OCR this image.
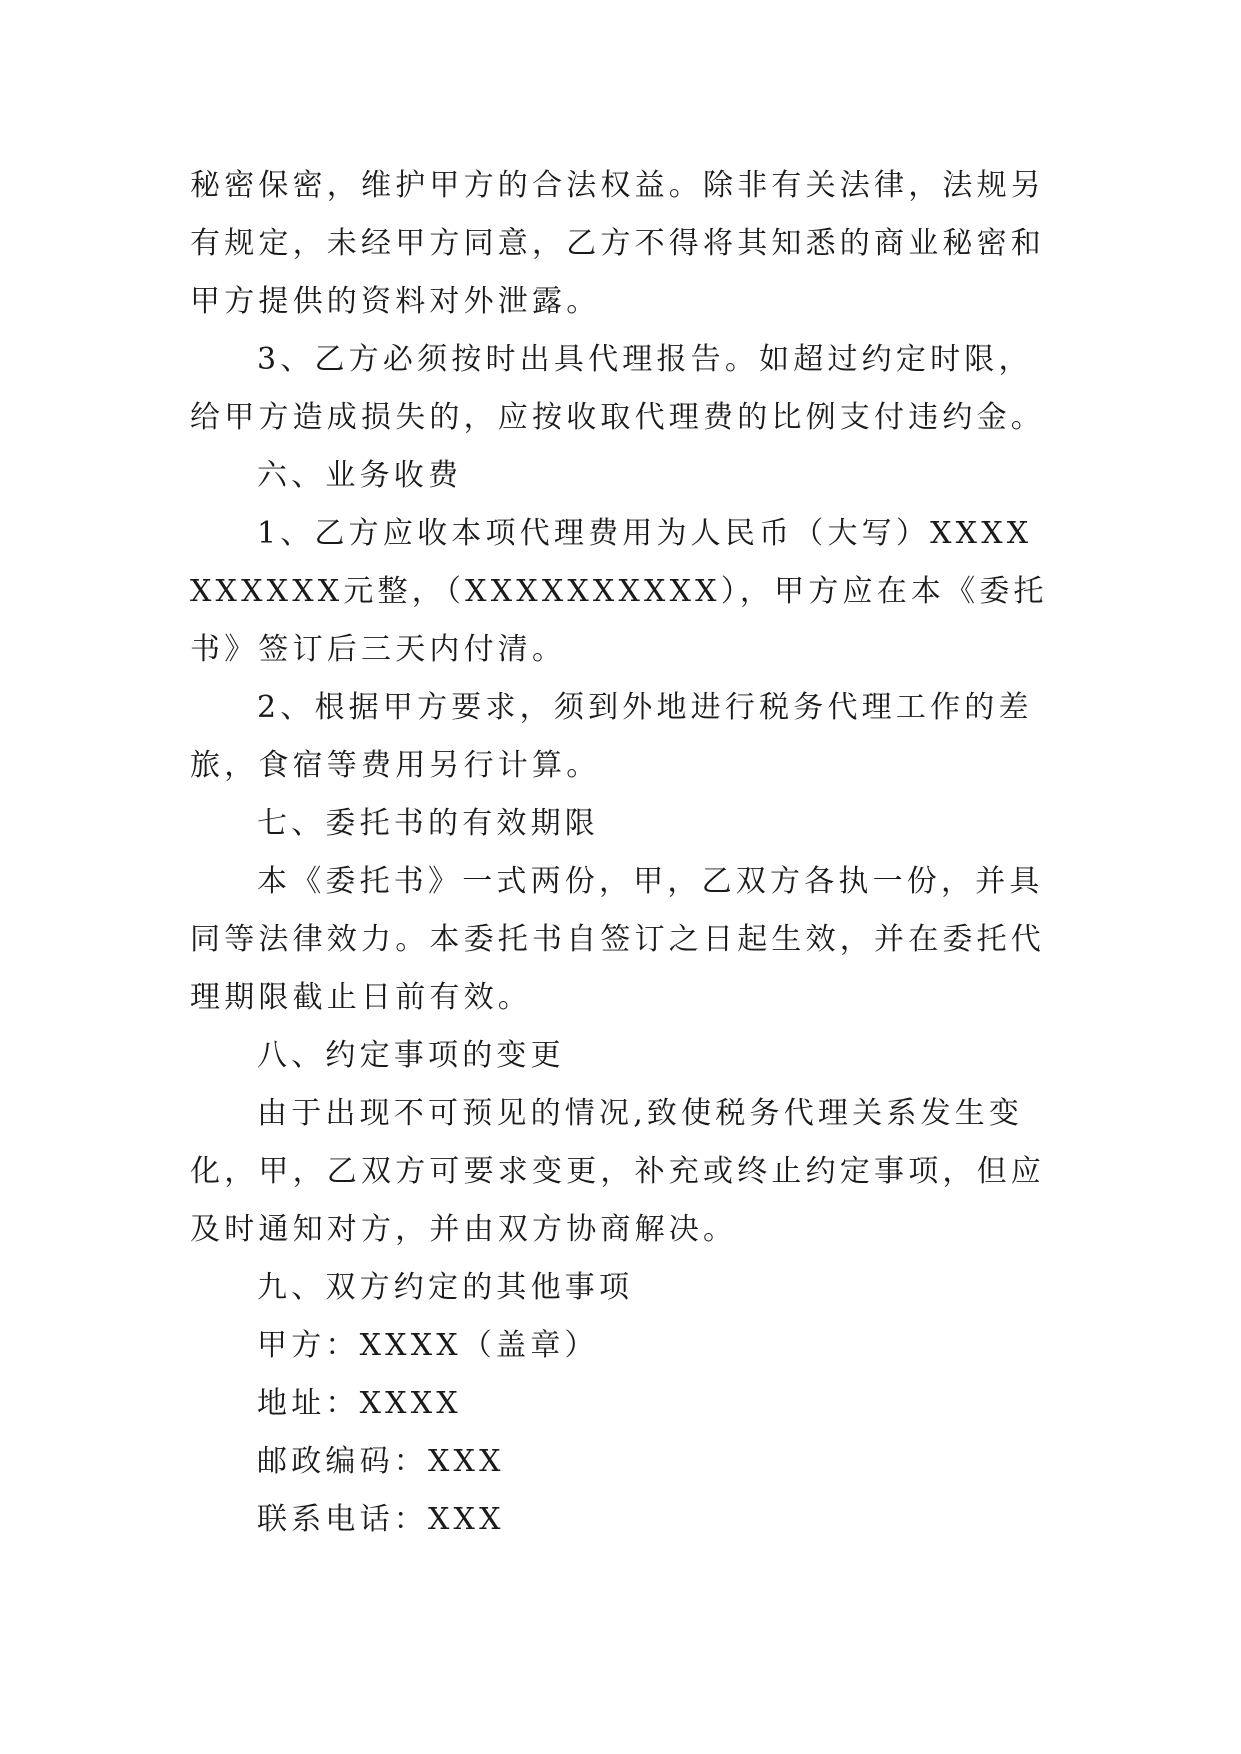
秘密保密，维护甲方的合法权益。除非有关法律，法规另有规定，未经甲方同意，乙方不得将其知悉的商业秘密和甲方提供的资料对外泄露。

3、乙方必须按时出具代理报告。如超过约定时限，给甲方造成损失的，应按收取代理费的比例支付违约金。

六、业务收费

1、乙方应收本项代理费用为人民币（大写）XXXXXXXXXX元整，（XXXXXXXXXX），甲方应在本《委托书》签订后三天内付清。

2、根据甲方要求，须到外地进行税务代理工作的差旅，食宿等费用另行计算。

七、委托书的有效期限

本《委托书》一式两份，甲，乙双方各执一份，并具同等法律效力。本委托书自签订之日起生效，并在委托代理期限截止日前有效。

八、约定事项的变更

由于出现不可预见的情况,致使税务代理关系发生变化，甲，乙双方可要求变更，补充或终止约定事项，但应及时通知对方，并由双方协商解决。

九、双方约定的其他事项

甲方：XXXX（盖章）

地址：XXXX

邮政编码：XXX

联系电话：XXX
